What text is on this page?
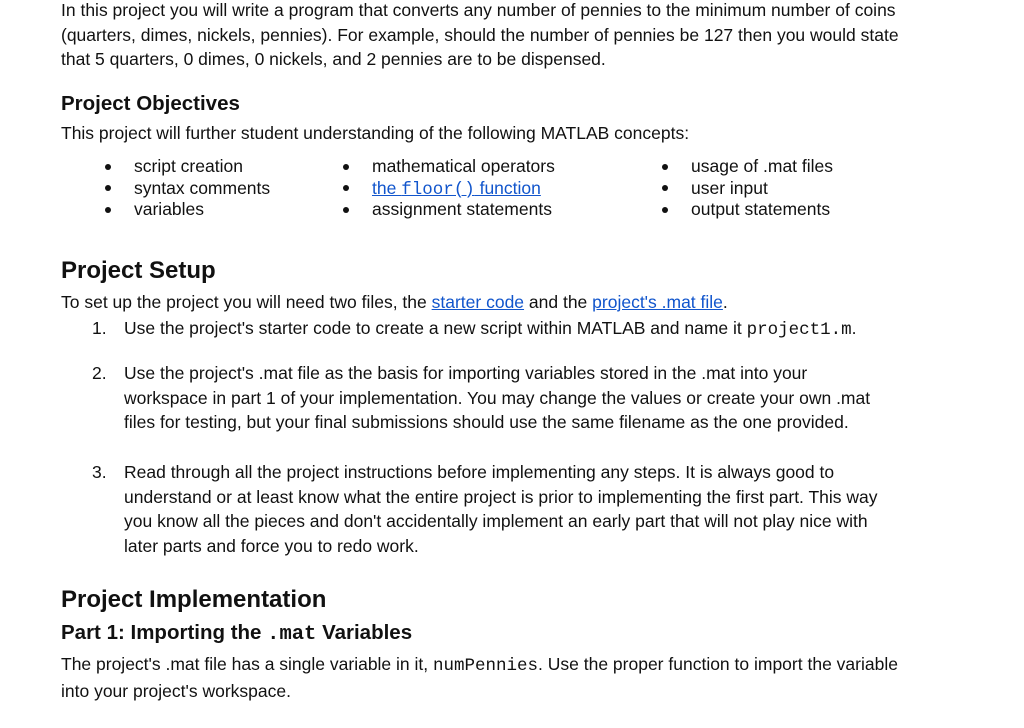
In this project you will write a program that converts any number of pennies to the minimum number of coins (quarters, dimes, nickels, pennies). For example, should the number of pennies be 127 then you would state that 5 quarters, 0 dimes, 0 nickels, and 2 pennies are to be dispensed.

Project Objectives

This project will further student understanding of the following MATLAB concepts:

script creation
syntax comments
variables
mathematical operators
the floor() function
assignment statements
usage of .mat files
user input
output statements
Project Setup

To set up the project you will need two files, the starter code and the project's .mat file.

1. Use the project's starter code to create a new script within MATLAB and name it project1.m.
2. Use the project's .mat file as the basis for importing variables stored in the .mat into your workspace in part 1 of your implementation. You may change the values or create your own .mat files for testing, but your final submissions should use the same filename as the one provided.
3. Read through all the project instructions before implementing any steps. It is always good to understand or at least know what the entire project is prior to implementing the first part. This way you know all the pieces and don't accidentally implement an early part that will not play nice with later parts and force you to redo work.
Project Implementation
Part 1: Importing the .mat Variables

The project's .mat file has a single variable in it, numPennies. Use the proper function to import the variable into your project's workspace.
